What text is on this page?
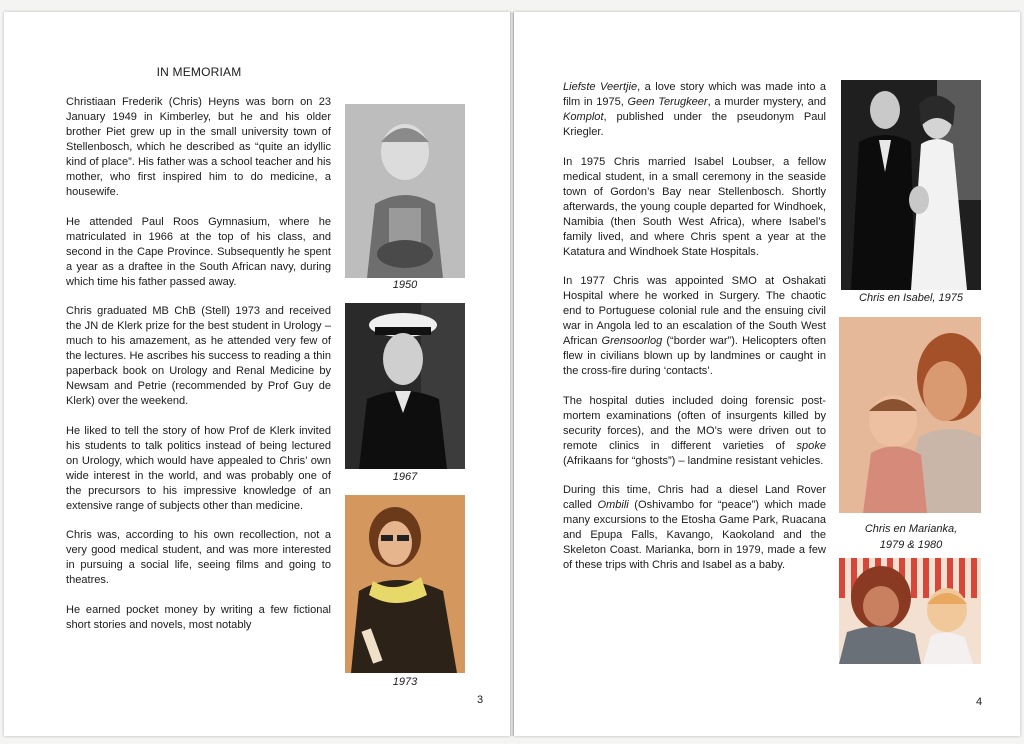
IN MEMORIAM

Christiaan Frederik (Chris) Heyns was born on 23 January 1949 in Kimberley, but he and his older brother Piet grew up in the small university town of Stellenbosch, which he described as “quite an idyllic kind of place”. His father was a school teacher and his mother, who first inspired him to do medicine, a housewife.

He attended Paul Roos Gymnasium, where he matriculated in 1966 at the top of his class, and second in the Cape Province. Subsequently he spent a year as a draftee in the South African navy, during which time his father passed away.

Chris graduated MB ChB (Stell) 1973 and received the JN de Klerk prize for the best student in Urology – much to his amazement, as he attended very few of the lectures. He ascribes his success to reading a thin paperback book on Urology and Renal Medicine by Newsam and Petrie (recommended by Prof Guy de Klerk) over the weekend.

He liked to tell the story of how Prof de Klerk invited his students to talk politics instead of being lectured on Urology, which would have appealed to Chris’ own wide interest in the world, and was probably one of the precursors to his impressive knowledge of an extensive range of subjects other than medicine.

Chris was, according to his own recollection, not a very good medical student, and was more interested in pursuing a social life, seeing films and going to theatres.

He earned pocket money by writing a few fictional short stories and novels, most notably

1950
1967
1973
3

Liefste Veertjie, a love story which was made into a film in 1975, Geen Terugkeer, a murder mystery, and Komplot, published under the pseudonym Paul Kriegler.

In 1975 Chris married Isabel Loubser, a fellow medical student, in a small ceremony in the seaside town of Gordon’s Bay near Stellenbosch. Shortly afterwards, the young couple departed for Windhoek, Namibia (then South West Africa), where Isabel’s family lived, and where Chris spent a year at the Katatura and Windhoek State Hospitals.

In 1977 Chris was appointed SMO at Oshakati Hospital where he worked in Surgery. The chaotic end to Portuguese colonial rule and the ensuing civil war in Angola led to an escalation of the South West African Grensoorlog (“border war”). Helicopters often flew in civilians blown up by landmines or caught in the cross-fire during ‘contacts’.

The hospital duties included doing forensic post-mortem examinations (often of insurgents killed by security forces), and the MO’s were driven out to remote clinics in different varieties of spoke (Afrikaans for “ghosts”) – landmine resistant vehicles.

During this time, Chris had a diesel Land Rover called Ombili (Oshivambo for “peace”) which made many excursions to the Etosha Game Park, Ruacana and Epupa Falls, Kavango, Kaokoland and the Skeleton Coast. Marianka, born in 1979, made a few of these trips with Chris and Isabel as a baby.

Chris en Isabel, 1975
Chris en Marianka,
1979 & 1980
4
